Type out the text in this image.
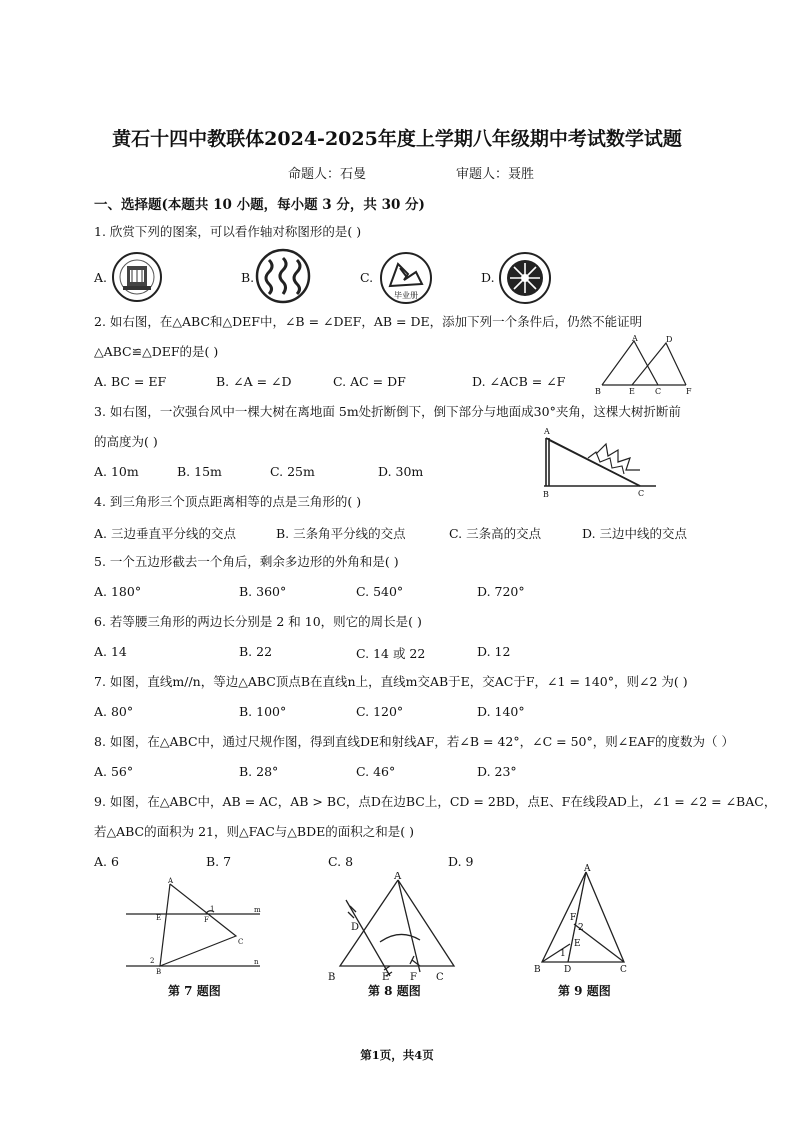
黄石十四中教联体2024-2025年度上学期八年级期中考试数学试题
命题人：石曼	审题人：聂胜
一、选择题(本题共 10 小题，每小题 3 分，共 30 分)
1. 欣赏下列的图案，可以看作轴对称图形的是( )
A.	B.	C.	D.
毕业册
2. 如右图，在△ABC和△DEF中，∠B = ∠DEF，AB = DE，添加下列一个条件后，仍然不能证明
△ABC≌△DEF的是( )
A. BC = EF	B. ∠A = ∠D	C. AC = DF	D. ∠ACB = ∠F
A	D
B	E	C	F
3. 如右图，一次强台风中一棵大树在离地面 5m处折断倒下，倒下部分与地面成30°夹角，这棵大树折断前
的高度为( )
A. 10m	B. 15m	C. 25m	D. 30m
A
B	C
4. 到三角形三个顶点距离相等的点是三角形的( )
A. 三边垂直平分线的交点	B. 三条角平分线的交点	C. 三条高的交点	D. 三边中线的交点
5. 一个五边形截去一个角后，剩余多边形的外角和是( )
A. 180°	B. 360°	C. 540°	D. 720°
6. 若等腰三角形的两边长分别是 2 和 10，则它的周长是( )
A. 14	B. 22	C. 14 或 22	D. 12
7. 如图，直线m//n，等边△ABC顶点B在直线n上，直线m交AB于E，交AC于F，∠1 = 140°，则∠2 为( )
A. 80°	B. 100°	C. 120°	D. 140°
8. 如图，在△ABC中，通过尺规作图，得到直线DE和射线AF，若∠B = 42°，∠C = 50°，则∠EAF的度数为（ ）
A. 56°	B. 28°	C. 46°	D. 23°
9. 如图，在△ABC中，AB = AC，AB > BC，点D在边BC上，CD = 2BD，点E、F在线段AD上，∠1 = ∠2 = ∠BAC，
若△ABC的面积为 21，则△FAC与△BDE的面积之和是( )
A. 6	B. 7	C. 8	D. 9
A
E	F
C
B
m
n
1
2
第 7 题图
A
D
B	E F C
第 8 题图
A
F
2
E
1
B	D	C
第 9 题图
第1页，共4页
